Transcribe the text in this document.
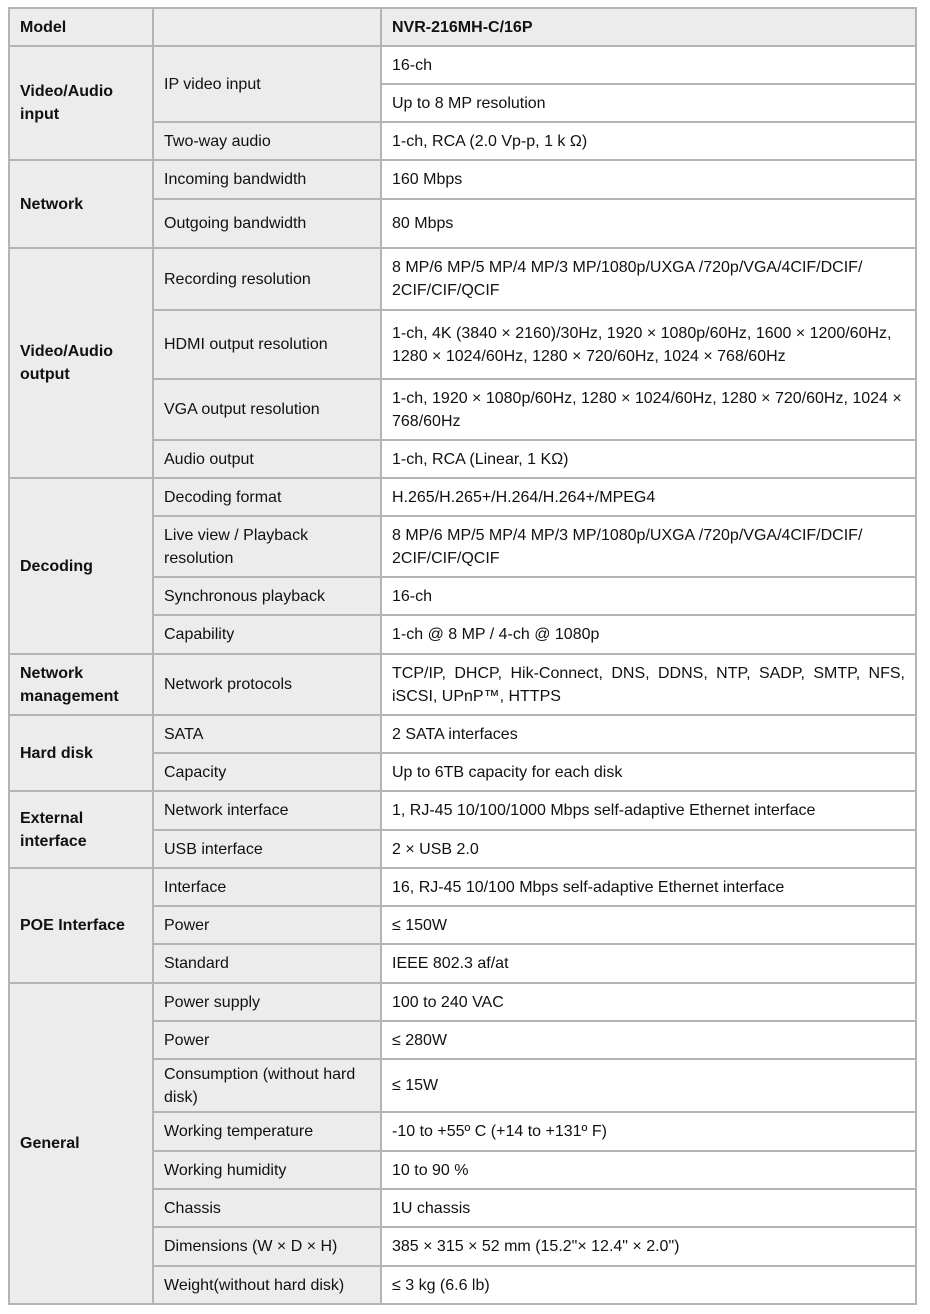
Model		NVR-216MH-C/16P
Video/Audio
input	IP video input	16-ch
		Up to 8 MP resolution
	Two-way audio	1-ch, RCA (2.0 Vp-p, 1 k Ω)
Network	Incoming bandwidth	160 Mbps
	Outgoing bandwidth	80 Mbps
Video/Audio
output	Recording resolution	8 MP/6 MP/5 MP/4 MP/3 MP/1080p/UXGA /720p/VGA/4CIF/DCIF/ 2CIF/CIF/QCIF
	HDMI output resolution	1-ch, 4K (3840 × 2160)/30Hz, 1920 × 1080p/60Hz, 1600 × 1200/60Hz, 1280 × 1024/60Hz, 1280 × 720/60Hz, 1024 × 768/60Hz
	VGA output resolution	1-ch, 1920 × 1080p/60Hz, 1280 × 1024/60Hz, 1280 × 720/60Hz, 1024 × 768/60Hz
	Audio output	1-ch, RCA (Linear, 1 KΩ)
Decoding	Decoding format	H.265/H.265+/H.264/H.264+/MPEG4
	Live view / Playback resolution	8 MP/6 MP/5 MP/4 MP/3 MP/1080p/UXGA /720p/VGA/4CIF/DCIF/ 2CIF/CIF/QCIF
	Synchronous playback	16-ch
	Capability	1-ch @ 8 MP / 4-ch @ 1080p
Network
management	Network protocols	TCP/IP, DHCP, Hik-Connect, DNS, DDNS, NTP, SADP, SMTP, NFS, iSCSI, UPnP™, HTTPS
Hard disk	SATA	2 SATA interfaces
	Capacity	Up to 6TB capacity for each disk
External
interface	Network interface	1, RJ-45 10/100/1000 Mbps self-adaptive Ethernet interface
	USB interface	2 × USB 2.0
POE Interface	Interface	16, RJ-45 10/100 Mbps self-adaptive Ethernet interface
	Power	≤ 150W
	Standard	IEEE 802.3 af/at
General	Power supply	100 to 240 VAC
	Power	≤ 280W
	Consumption (without hard disk)	≤ 15W
	Working temperature	-10 to +55º C (+14 to +131º F)
	Working humidity	10 to 90 %
	Chassis	1U chassis
	Dimensions (W × D × H)	385 × 315 × 52 mm (15.2"× 12.4" × 2.0")
	Weight(without hard disk)	≤ 3 kg (6.6 lb)
